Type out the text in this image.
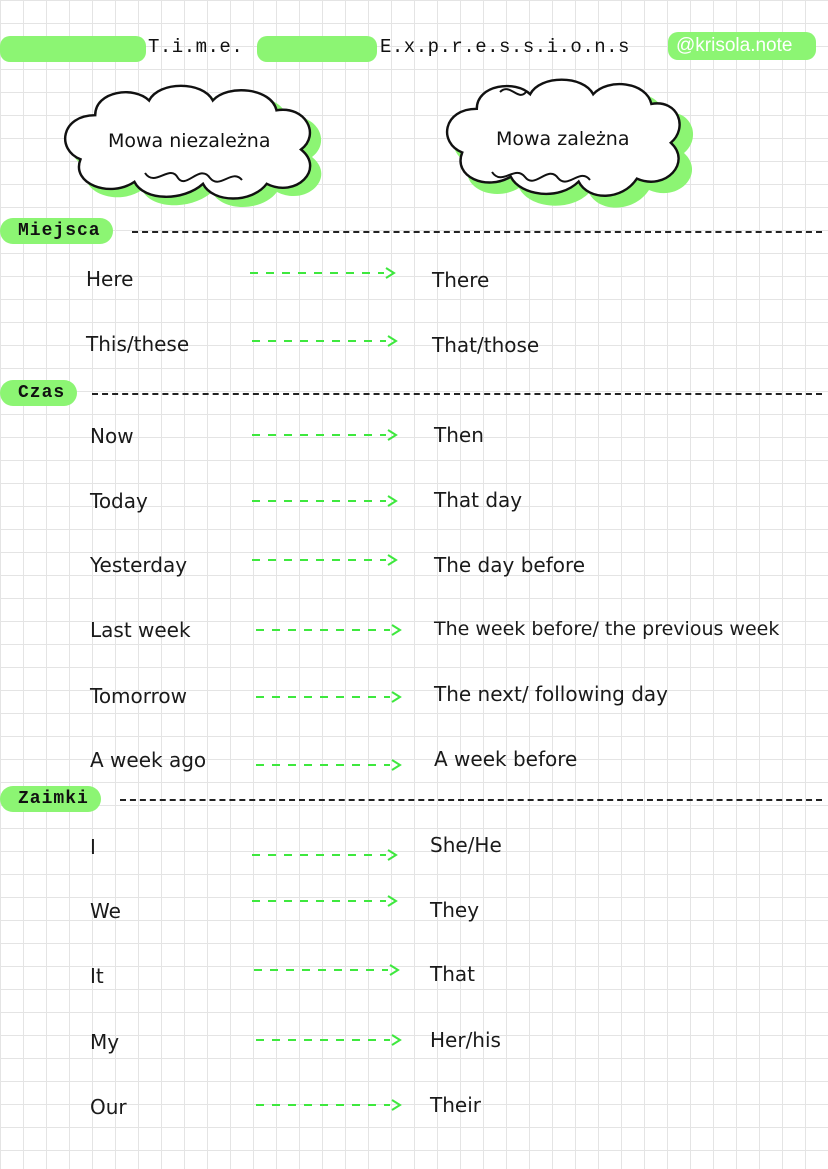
T.i.m.e.	E.x.p.r.e.s.s.i.o.n.s	@krisola.note
Mowa niezależna	Mowa zależna
Miejsca
Here	There
This/these	That/those
Czas
Now	Then
Today	That day
Yesterday	The day before
Last week	The week before/ the previous week
Tomorrow	The next/ following day
A week ago	A week before
Zaimki
I	She/He
We	They
It	That
My	Her/his
Our	Their
